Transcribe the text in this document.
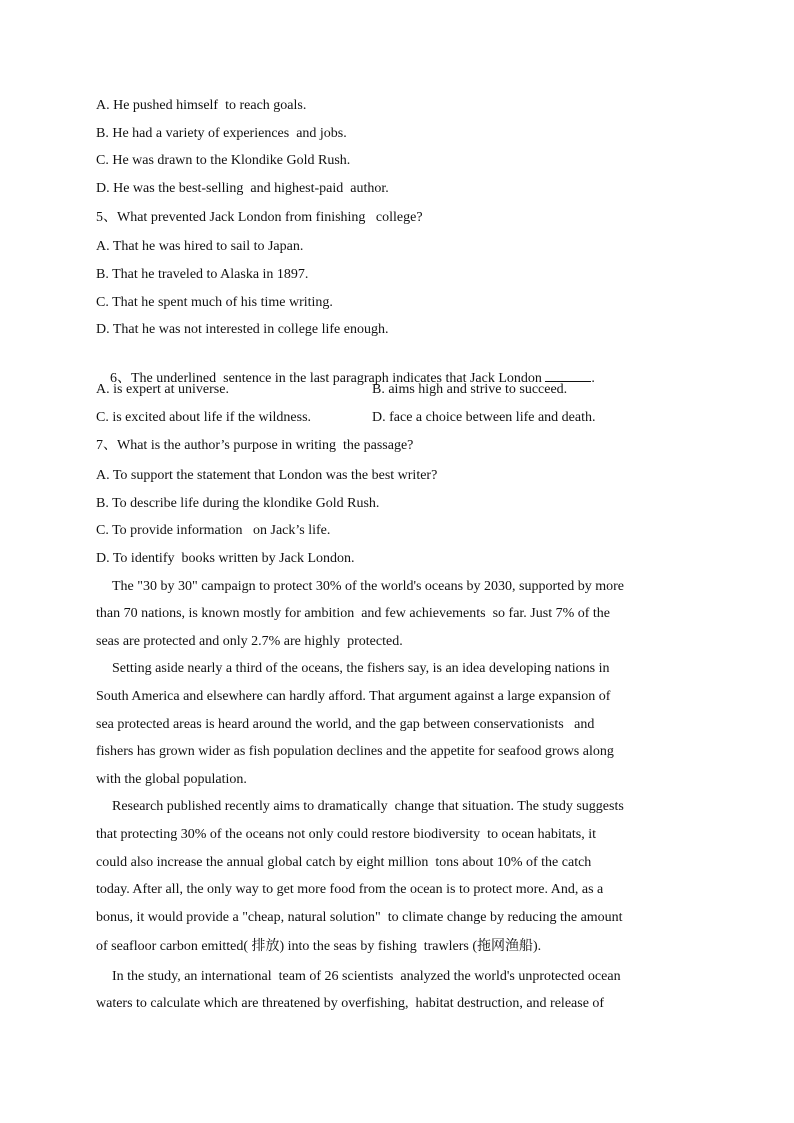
A. He pushed himself  to reach goals.
B. He had a variety of experiences  and jobs.
C. He was drawn to the Klondike Gold Rush.
D. He was the best-selling  and highest-paid  author.
5、What prevented Jack London from finishing   college?
A. That he was hired to sail to Japan.
B. That he traveled to Alaska in 1897.
C. That he spent much of his time writing.
D. That he was not interested in college life enough.

6、The underlined  sentence in the last paragraph indicates that Jack London	.

A. is expert at universe.	B. aims high and strive to succeed.
C. is excited about life if the wildness.	D. face a choice between life and death.
7、What is the author’s purpose in writing  the passage?
A. To support the statement that London was the best writer?
B. To describe life during the klondike Gold Rush.
C. To provide information   on Jack’s life.
D. To identify  books written by Jack London.
The "30 by 30" campaign to protect 30% of the world's oceans by 2030, supported by more
than 70 nations, is known mostly for ambition  and few achievements  so far. Just 7% of the
seas are protected and only 2.7% are highly  protected.
Setting aside nearly a third of the oceans, the fishers say, is an idea developing nations in
South America and elsewhere can hardly afford. That argument against a large expansion of
sea protected areas is heard around the world, and the gap between conservationists   and
fishers has grown wider as fish population declines and the appetite for seafood grows along
with the global population.
Research published recently aims to dramatically  change that situation. The study suggests
that protecting 30% of the oceans not only could restore biodiversity  to ocean habitats, it
could also increase the annual global catch by eight million  tons about 10% of the catch
today. After all, the only way to get more food from the ocean is to protect more. And, as a
bonus, it would provide a "cheap, natural solution"  to climate change by reducing the amount
of seafloor carbon emitted( 排放) into the seas by fishing  trawlers (拖网渔船).
In the study, an international  team of 26 scientists  analyzed the world's unprotected ocean
waters to calculate which are threatened by overfishing,  habitat destruction, and release of
